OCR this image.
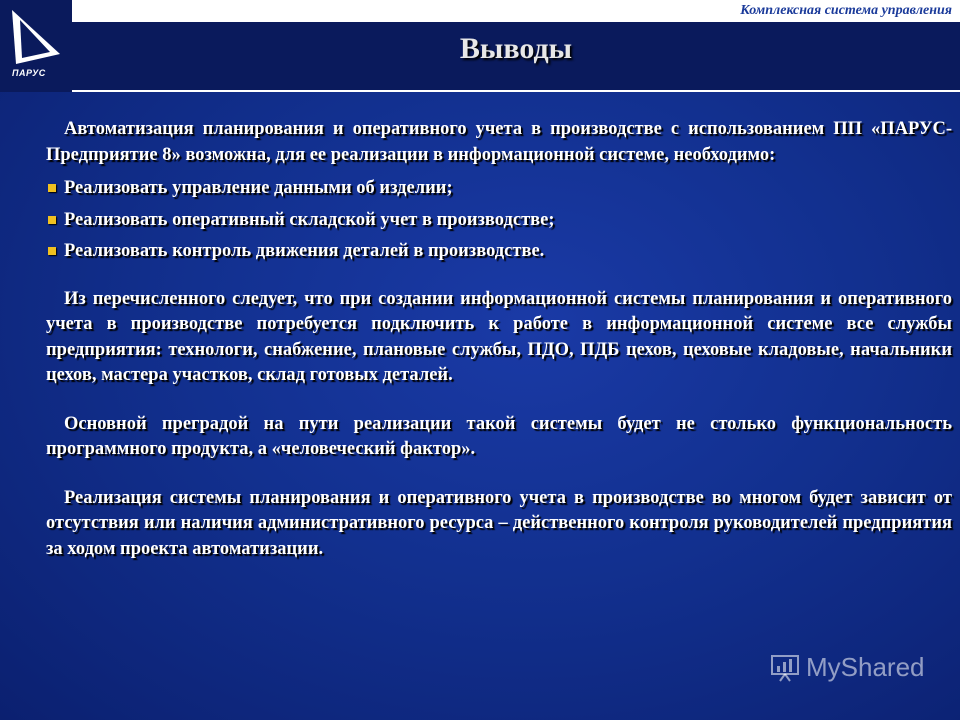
ПАРУС
Комплексная система управления
Выводы

Автоматизация планирования и оперативного учета в производстве с использованием ПП «ПАРУС-Предприятие 8» возможна, для ее реализации в информационной системе, необходимо:

Реализовать управление данными об изделии;
Реализовать оперативный складской учет в производстве;
Реализовать контроль движения деталей в производстве.

Из перечисленного следует, что при создании информационной системы планирования и оперативного учета в производстве потребуется подключить к работе в информационной системе все службы предприятия: технологи, снабжение, плановые службы, ПДО, ПДБ цехов, цеховые кладовые, начальники цехов, мастера участков, склад готовых деталей.

Основной преградой на пути реализации такой системы будет не столько функциональность программного продукта, а «человеческий фактор».

Реализация системы планирования и оперативного учета в производстве во многом будет зависит от отсутствия или наличия административного ресурса – действенного контроля руководителей предприятия за ходом проекта автоматизации.

MyShared
